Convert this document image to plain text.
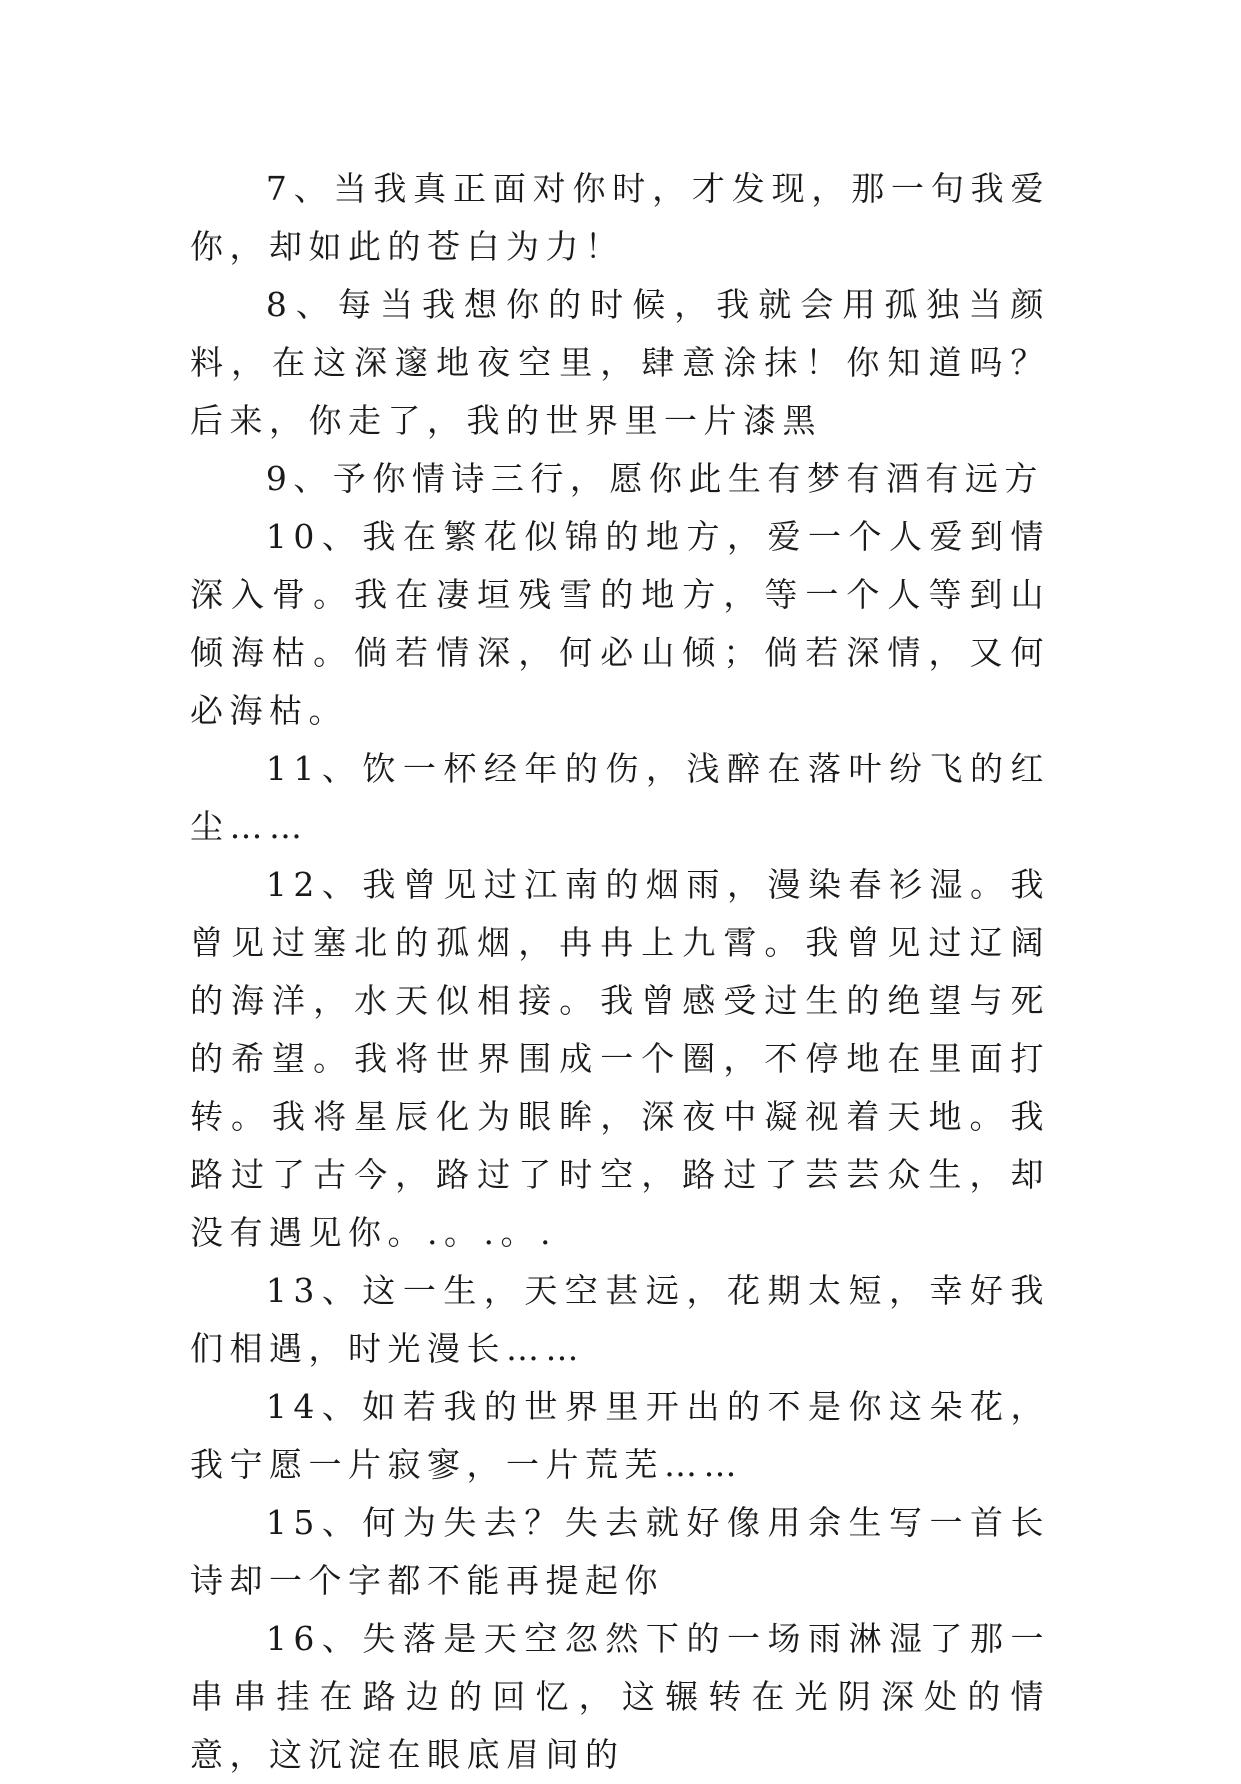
7、当我真正面对你时，才发现，那一句我爱你，却如此的苍白为力！

8、每当我想你的时候，我就会用孤独当颜料，在这深邃地夜空里，肆意涂抹！你知道吗？后来，你走了，我的世界里一片漆黑

9、予你情诗三行，愿你此生有梦有酒有远方

10、我在繁花似锦的地方，爱一个人爱到情深入骨。我在凄垣残雪的地方，等一个人等到山倾海枯。倘若情深，何必山倾；倘若深情，又何必海枯。

11、饮一杯经年的伤，浅醉在落叶纷飞的红尘……

12、我曾见过江南的烟雨，漫染春衫湿。我曾见过塞北的孤烟，冉冉上九霄。我曾见过辽阔的海洋，水天似相接。我曾感受过生的绝望与死的希望。我将世界围成一个圈，不停地在里面打转。我将星辰化为眼眸，深夜中凝视着天地。我路过了古今，路过了时空，路过了芸芸众生，却没有遇见你。.。.。.

13、这一生，天空甚远，花期太短，幸好我们相遇，时光漫长……

14、如若我的世界里开出的不是你这朵花，我宁愿一片寂寥，一片荒芜……

15、何为失去？失去就好像用余生写一首长诗却一个字都不能再提起你

16、失落是天空忽然下的一场雨淋湿了那一串串挂在路边的回忆，这辗转在光阴深处的情意，这沉淀在眼底眉间的
